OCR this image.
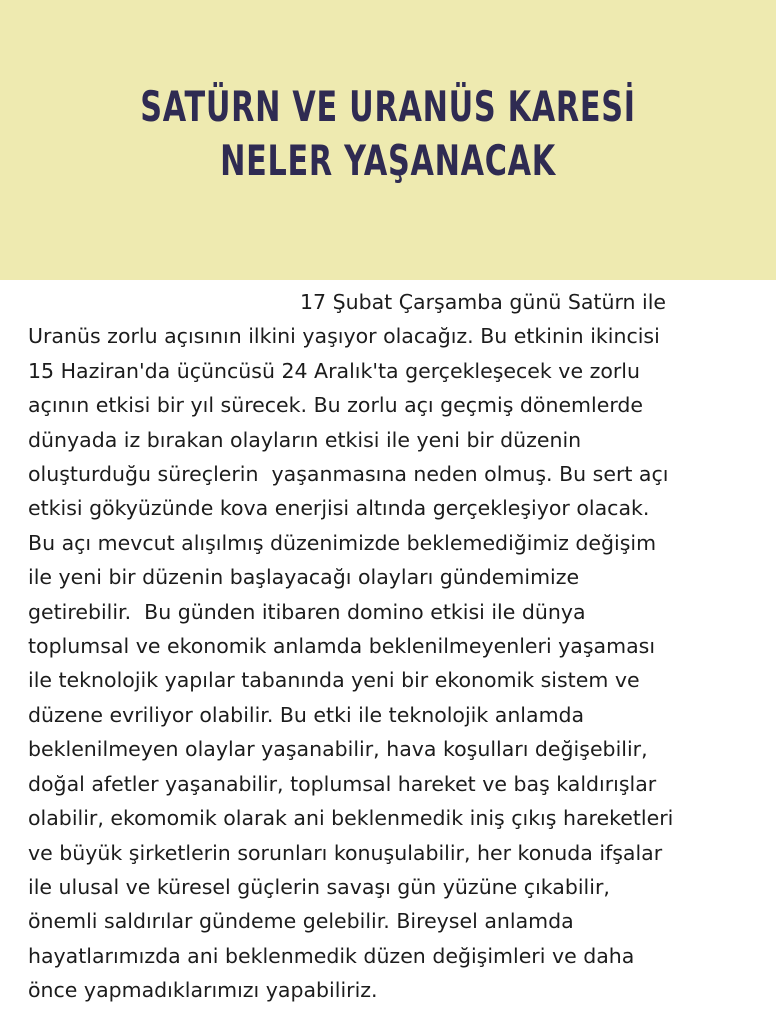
SATÜRN VE URANÜS KARESİ
NELER YAŞANACAK

17 Şubat Çarşamba günü Satürn ile
Uranüs zorlu açısının ilkini yaşıyor olacağız. Bu etkinin ikincisi
15 Haziran'da üçüncüsü 24 Aralık'ta gerçekleşecek ve zorlu
açının etkisi bir yıl sürecek. Bu zorlu açı geçmiş dönemlerde
dünyada iz bırakan olayların etkisi ile yeni bir düzenin
oluşturduğu süreçlerin  yaşanmasına neden olmuş. Bu sert açı
etkisi gökyüzünde kova enerjisi altında gerçekleşiyor olacak.
Bu açı mevcut alışılmış düzenimizde beklemediğimiz değişim
ile yeni bir düzenin başlayacağı olayları gündemimize
getirebilir.  Bu günden itibaren domino etkisi ile dünya
toplumsal ve ekonomik anlamda beklenilmeyenleri yaşaması
ile teknolojik yapılar tabanında yeni bir ekonomik sistem ve
düzene evriliyor olabilir. Bu etki ile teknolojik anlamda
beklenilmeyen olaylar yaşanabilir, hava koşulları değişebilir,
doğal afetler yaşanabilir, toplumsal hareket ve baş kaldırışlar
olabilir, ekomomik olarak ani beklenmedik iniş çıkış hareketleri
ve büyük şirketlerin sorunları konuşulabilir, her konuda ifşalar
ile ulusal ve küresel güçlerin savaşı gün yüzüne çıkabilir,
önemli saldırılar gündeme gelebilir. Bireysel anlamda
hayatlarımızda ani beklenmedik düzen değişimleri ve daha
önce yapmadıklarımızı yapabiliriz.
